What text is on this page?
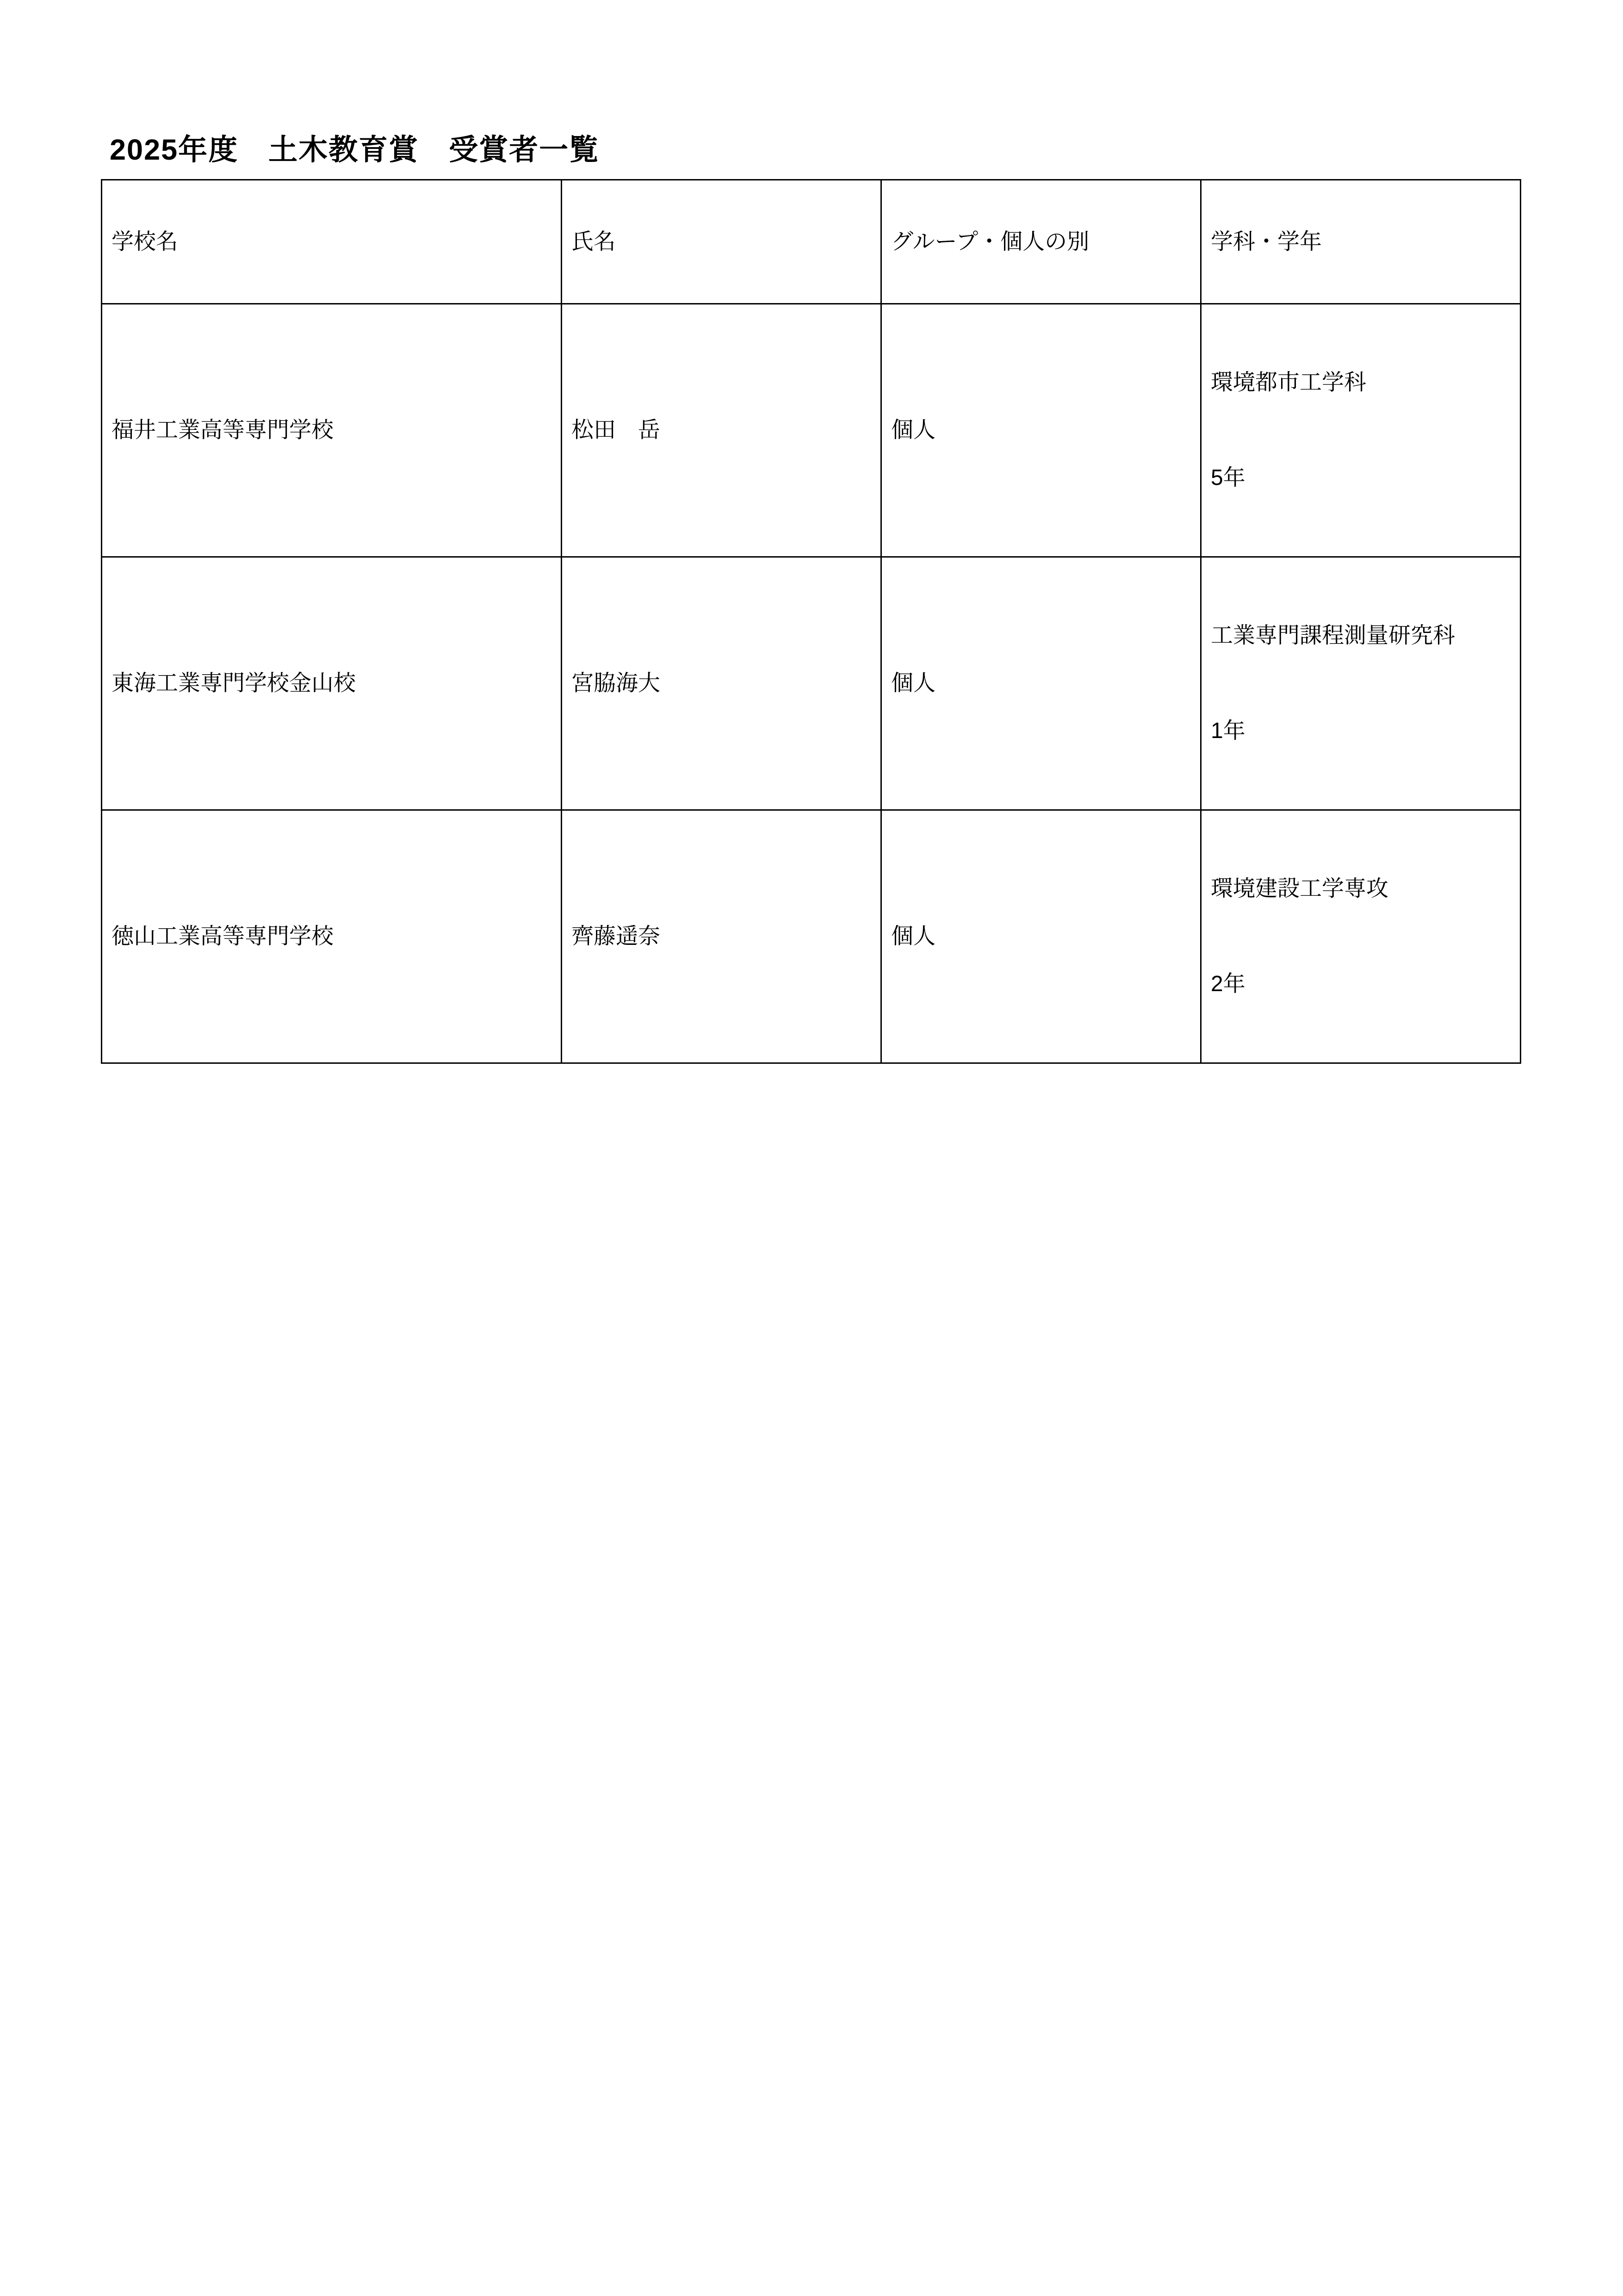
2025年度　土木教育賞　受賞者一覧
学校名	氏名	グループ・個人の別	学科・学年
福井工業高等専門学校	松田　岳	個人	環境都市工学科

5年

東海工業専門学校金山校	宮脇海大	個人	工業専門課程測量研究科

1年

徳山工業高等専門学校	齊藤遥奈	個人	環境建設工学専攻

2年
